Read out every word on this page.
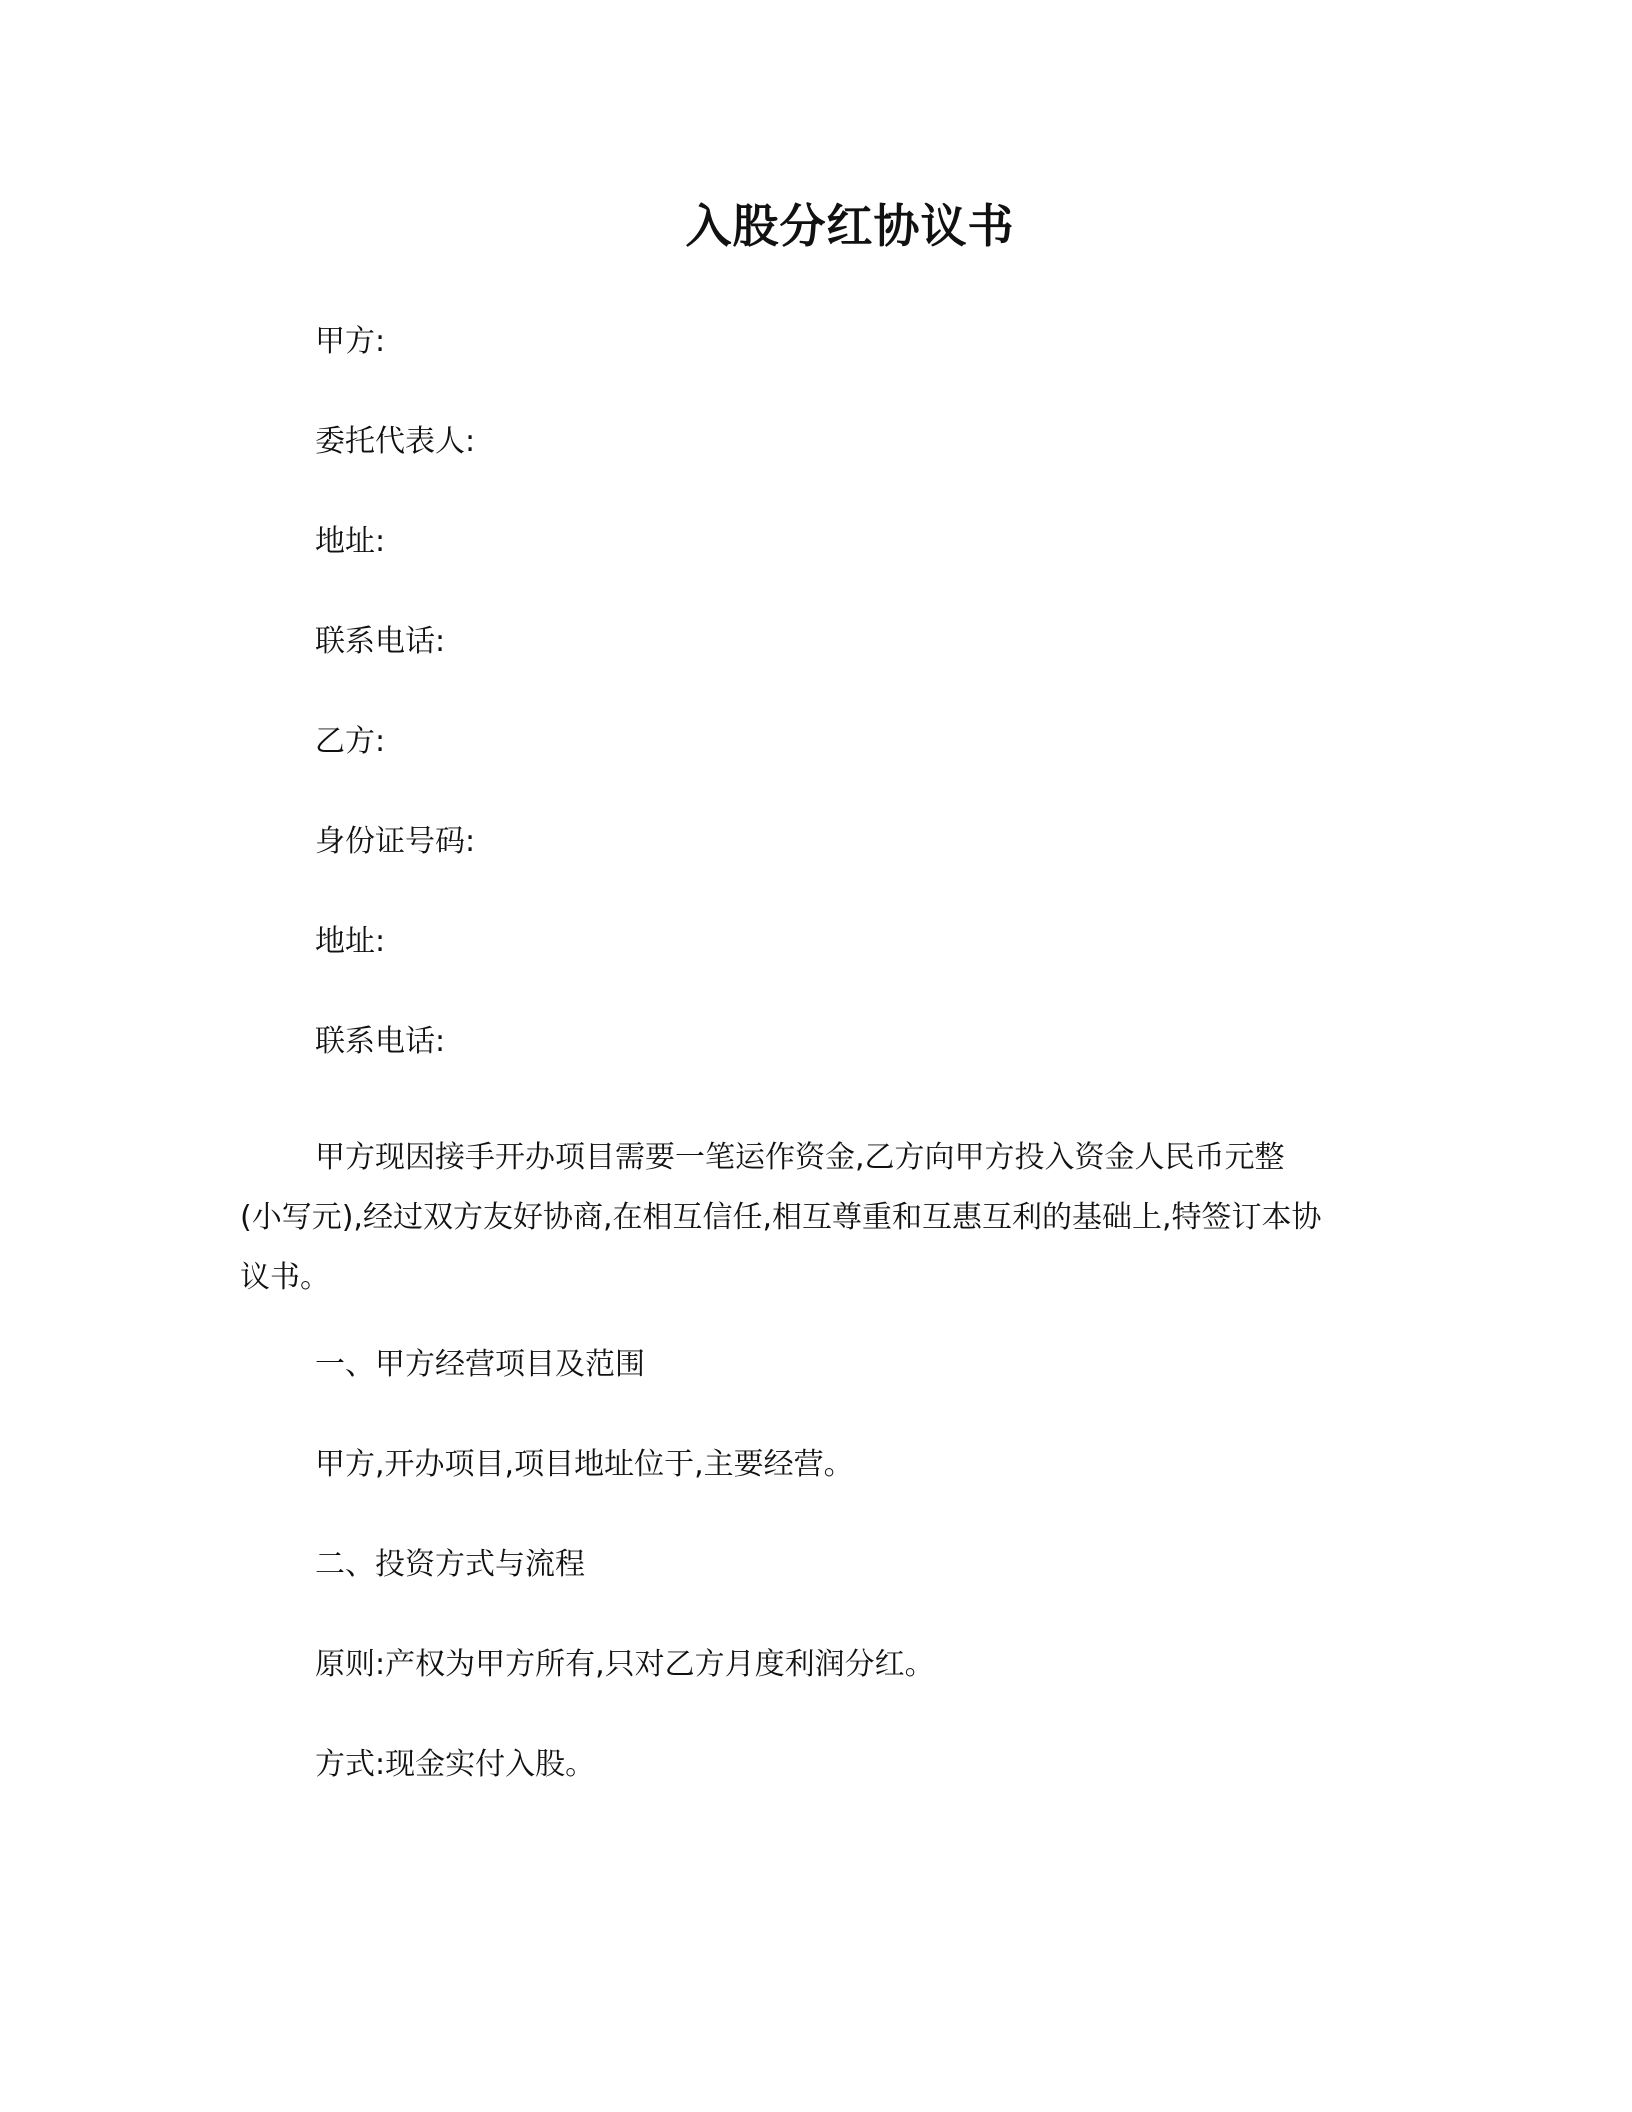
入股分红协议书
甲方:
委托代表人:
地址:
联系电话:
乙方:
身份证号码:
地址:
联系电话:
甲方现因接手开办项目需要一笔运作资金,乙方向甲方投入资金人民币元整
(小写元),经过双方友好协商,在相互信任,相互尊重和互惠互利的基础上,特签订本协
议书。
一、甲方经营项目及范围
甲方,开办项目,项目地址位于,主要经营。
二、投资方式与流程
原则:产权为甲方所有,只对乙方月度利润分红。
方式:现金实付入股。
